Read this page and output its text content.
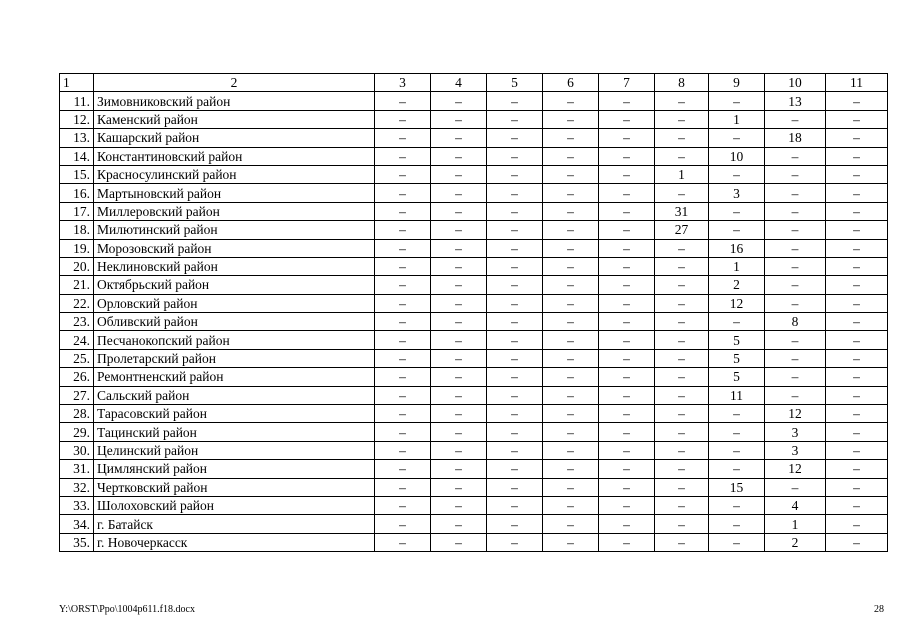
1	2	3	4	5	6	7	8	9	10	11
11.	Зимовниковский район	–	–	–	–	–	–	–	13	–
12.	Каменский район	–	–	–	–	–	–	1	–	–
13.	Кашарский район	–	–	–	–	–	–	–	18	–
14.	Константиновский район	–	–	–	–	–	–	10	–	–
15.	Красносулинский район	–	–	–	–	–	1	–	–	–
16.	Мартыновский район	–	–	–	–	–	–	3	–	–
17.	Миллеровский район	–	–	–	–	–	31	–	–	–
18.	Милютинский район	–	–	–	–	–	27	–	–	–
19.	Морозовский район	–	–	–	–	–	–	16	–	–
20.	Неклиновский район	–	–	–	–	–	–	1	–	–
21.	Октябрьский район	–	–	–	–	–	–	2	–	–
22.	Орловский район	–	–	–	–	–	–	12	–	–
23.	Обливский район	–	–	–	–	–	–	–	8	–
24.	Песчанокопский район	–	–	–	–	–	–	5	–	–
25.	Пролетарский район	–	–	–	–	–	–	5	–	–
26.	Ремонтненский район	–	–	–	–	–	–	5	–	–
27.	Сальский район	–	–	–	–	–	–	11	–	–
28.	Тарасовский район	–	–	–	–	–	–	–	12	–
29.	Тацинский район	–	–	–	–	–	–	–	3	–
30.	Целинский район	–	–	–	–	–	–	–	3	–
31.	Цимлянский район	–	–	–	–	–	–	–	12	–
32.	Чертковский район	–	–	–	–	–	–	15	–	–
33.	Шолоховский район	–	–	–	–	–	–	–	4	–
34.	г. Батайск	–	–	–	–	–	–	–	1	–
35.	г. Новочеркасск	–	–	–	–	–	–	–	2	–
Y:\ORST\Ppo\1004p611.f18.docx	28
